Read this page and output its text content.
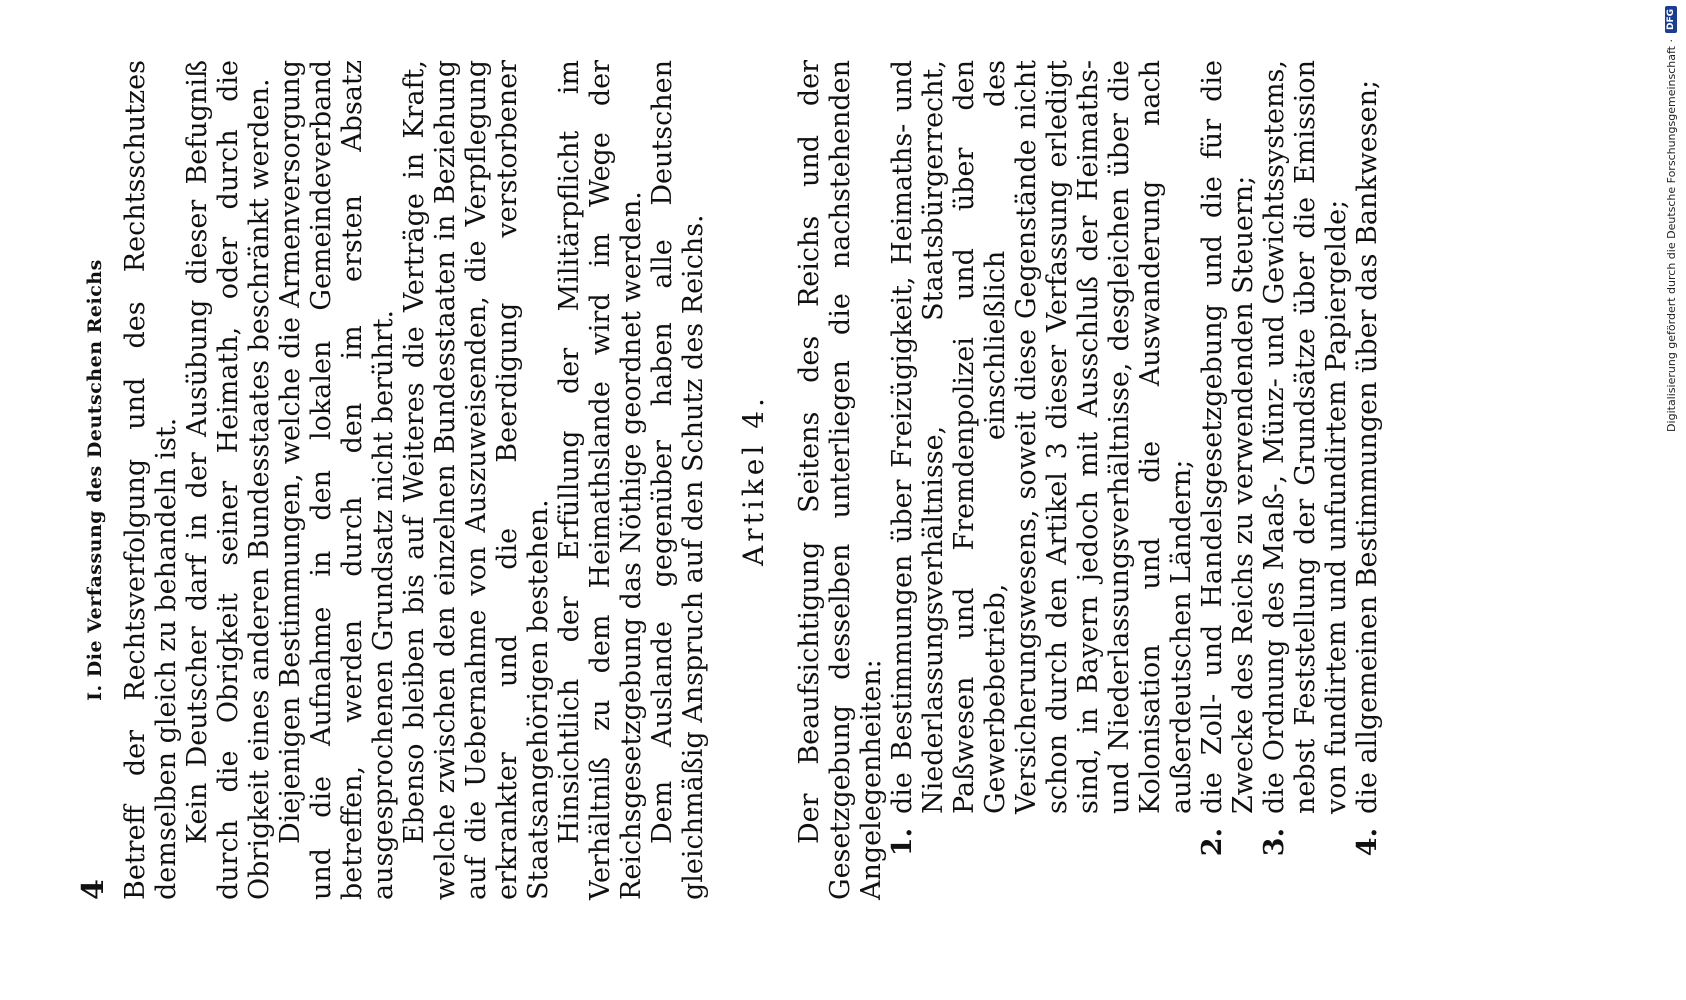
4
I. Die Verfassung des Deutschen Reichs Betreff der Rechtsverfolgung und des Rechtsschutzes demselben gleich zu behandeln ist. Kein Deutscher darf in der Ausübung dieser Befugniß durch die Obrigkeit seiner Heimath, oder durch die Obrigkeit eines anderen Bundesstaates beschränkt werden. Diejenigen Bestimmungen, welche die Armenversorgung und die Aufnahme in den lokalen Gemeindeverband betreffen, werden durch den im ersten Absatz ausgesprochenen Grundsatz nicht berührt. Ebenso bleiben bis auf Weiteres die Verträge in Kraft, welche zwischen den einzelnen Bundesstaaten in Beziehung auf die Uebernahme von Auszuweisenden, die Verpflegung erkrankter und die Beerdigung verstorbener Staatsangehörigen bestehen. Hinsichtlich der Erfüllung der Militärpflicht im Verhältniß zu dem Heimathslande wird im Wege der Reichsgesetzgebung das Nöthige geordnet werden. Dem Auslande gegenüber haben alle Deutschen gleichmäßig Anspruch auf den Schutz des Reichs. Artikel 4. Der Beaufsichtigung Seitens des Reichs und der Gesetzgebung desselben unterliegen die nachstehenden Angelegenheiten: 1.
die Bestimmungen über Freizügigkeit, Heimaths- und Niederlassungsverhältnisse, Staatsbürgerrecht, Paßwesen und Fremdenpolizei und über den Gewerbebetrieb, einschließlich des Versicherungswesens, soweit diese Gegenstände nicht schon durch den Artikel 3 dieser Verfassung erledigt sind, in Bayern jedoch mit Ausschluß der Heimaths- und Niederlassungsverhältnisse, desgleichen über die Kolonisation und die Auswanderung nach außerdeutschen Ländern;
2.
die Zoll- und Handelsgesetzgebung und die für die Zwecke des Reichs zu verwendenden Steuern;
3.
die Ordnung des Maaß-, Münz- und Gewichtssystems, nebst Feststellung der Grundsätze über die Emission von fundirtem und unfundirtem Papiergelde;
4.
die allgemeinen Bestimmungen über das Bankwesen;	Digitalisierung gefördert durch die Deutsche Forschungsgemeinschaft ·
DFG
